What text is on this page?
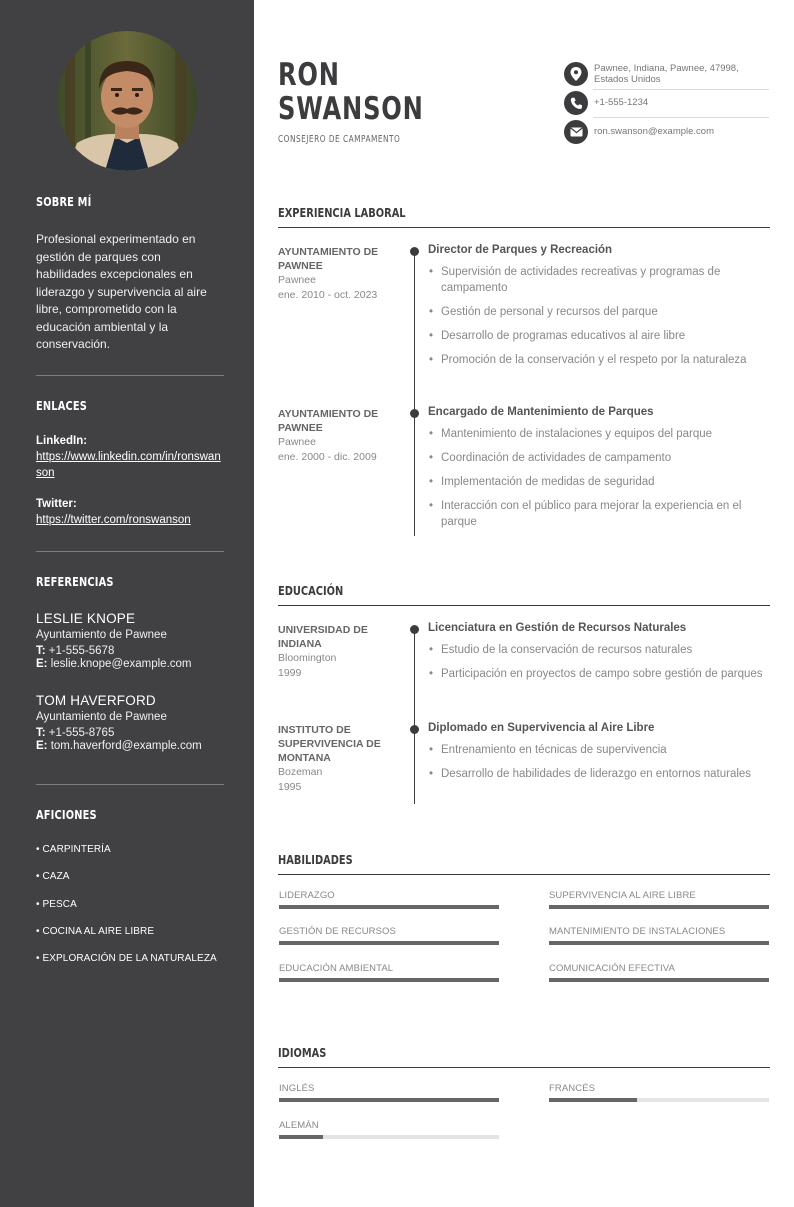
SOBRE MÍ
Profesional experimentado en gestión de parques con habilidades excepcionales en liderazgo y supervivencia al aire libre, comprometido con la educación ambiental y la conservación.
ENLACES
LinkedIn:
https://www.linkedin.com/in/ronswanson
Twitter:
https://twitter.com/ronswanson
REFERENCIAS
LESLIE KNOPE
Ayuntamiento de Pawnee
T: +1-555-5678
E: leslie.knope@example.com
TOM HAVERFORD
Ayuntamiento de Pawnee
T: +1-555-8765
E: tom.haverford@example.com
AFICIONES
• CARPINTERÍA
• CAZA
• PESCA
• COCINA AL AIRE LIBRE
• EXPLORACIÓN DE LA NATURALEZA
RON
SWANSON
CONSEJERO DE CAMPAMENTO
Pawnee, Indiana, Pawnee, 47998, Estados Unidos
+1-555-1234
ron.swanson@example.com
EXPERIENCIA LABORAL
AYUNTAMIENTO DE PAWNEE
Pawnee
ene. 2010 - oct. 2023
Director de Parques y Recreación
• Supervisión de actividades recreativas y programas de campamento
• Gestión de personal y recursos del parque
• Desarrollo de programas educativos al aire libre
• Promoción de la conservación y el respeto por la naturaleza
AYUNTAMIENTO DE PAWNEE
Pawnee
ene. 2000 - dic. 2009
Encargado de Mantenimiento de Parques
• Mantenimiento de instalaciones y equipos del parque
• Coordinación de actividades de campamento
• Implementación de medidas de seguridad
• Interacción con el público para mejorar la experiencia en el parque
EDUCACIÓN
UNIVERSIDAD DE INDIANA
Bloomington
1999
Licenciatura en Gestión de Recursos Naturales
• Estudio de la conservación de recursos naturales
• Participación en proyectos de campo sobre gestión de parques
INSTITUTO DE SUPERVIVENCIA DE MONTANA
Bozeman
1995
Diplomado en Supervivencia al Aire Libre
• Entrenamiento en técnicas de supervivencia
• Desarrollo de habilidades de liderazgo en entornos naturales
HABILIDADES
LIDERAZGO	SUPERVIVENCIA AL AIRE LIBRE
GESTIÓN DE RECURSOS	MANTENIMIENTO DE INSTALACIONES
EDUCACIÓN AMBIENTAL	COMUNICACIÓN EFECTIVA
IDIOMAS
INGLÉS	FRANCÉS
ALEMÁN
